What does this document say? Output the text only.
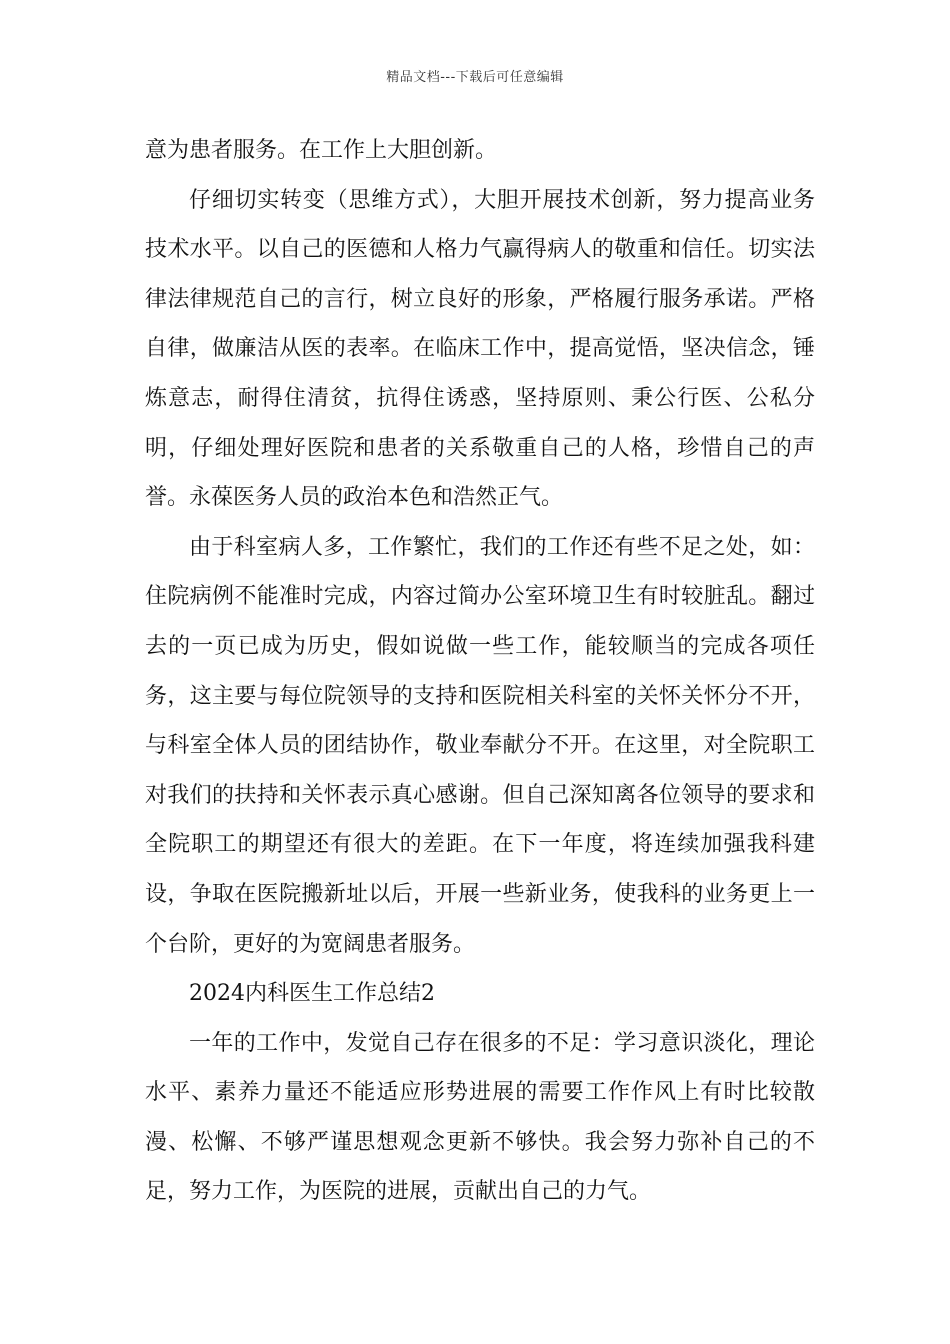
精品文档---下载后可任意编辑

意为患者服务。在工作上大胆创新。

仔细切实转变（思维方式），大胆开展技术创新，努力提高业务技术水平。以自己的医德和人格力气赢得病人的敬重和信任。切实法律法律规范自己的言行，树立良好的形象，严格履行服务承诺。严格自律，做廉洁从医的表率。在临床工作中，提高觉悟，坚决信念，锤炼意志，耐得住清贫，抗得住诱惑，坚持原则、秉公行医、公私分明，仔细处理好医院和患者的关系敬重自己的人格，珍惜自己的声誉。永葆医务人员的政治本色和浩然正气。

由于科室病人多，工作繁忙，我们的工作还有些不足之处，如：住院病例不能准时完成，内容过简办公室环境卫生有时较脏乱。翻过去的一页已成为历史，假如说做一些工作，能较顺当的完成各项任务，这主要与每位院领导的支持和医院相关科室的关怀关怀分不开，与科室全体人员的团结协作，敬业奉献分不开。在这里，对全院职工对我们的扶持和关怀表示真心感谢。但自己深知离各位领导的要求和全院职工的期望还有很大的差距。在下一年度，将连续加强我科建设，争取在医院搬新址以后，开展一些新业务，使我科的业务更上一个台阶，更好的为宽阔患者服务。

2024内科医生工作总结2

一年的工作中，发觉自己存在很多的不足：学习意识淡化，理论水平、素养力量还不能适应形势进展的需要工作作风上有时比较散漫、松懈、不够严谨思想观念更新不够快。我会努力弥补自己的不足，努力工作，为医院的进展，贡献出自己的力气。
